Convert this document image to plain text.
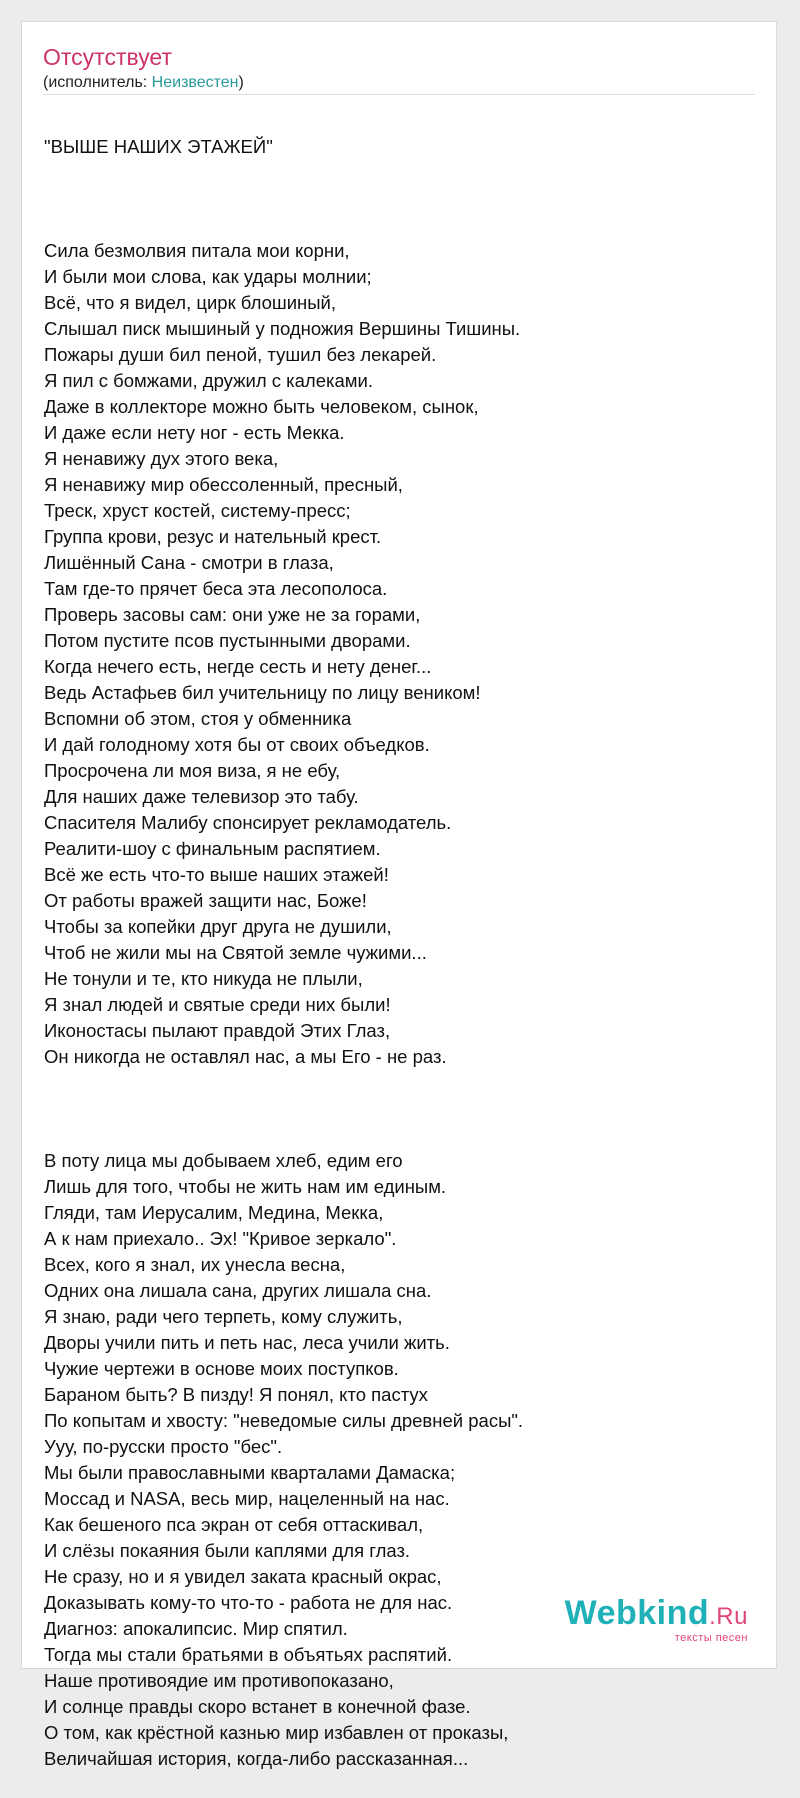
Отсутствует
(исполнитель: Неизвестен)

"ВЫШЕ НАШИХ ЭТАЖЕЙ"

Сила безмолвия питала мои корни,
И были мои слова, как удары молнии;
Всё, что я видел, цирк блошиный,
Слышал писк мышиный у подножия Вершины Тишины.
Пожары души бил пеной, тушил без лекарей.
Я пил с бомжами, дружил с калеками.
Даже в коллекторе можно быть человеком, сынок,
И даже если нету ног - есть Мекка.
Я ненавижу дух этого века,
Я ненавижу мир обессоленный, пресный,
Треск, хруст костей, систему-пресс;
Группа крови, резус и нательный крест.
Лишённый Сана - смотри в глаза,
Там где-то прячет беса эта лесополоса.
Проверь засовы сам: они уже не за горами,
Потом пустите псов пустынными дворами.
Когда нечего есть, негде сесть и нету денег...
Ведь Астафьев бил учительницу по лицу веником!
Вспомни об этом, стоя у обменника
И дай голодному хотя бы от своих объедков.
Просрочена ли моя виза, я не ебу,
Для наших даже телевизор это табу.
Спасителя Малибу спонсирует рекламодатель.
Реалити-шоу с финальным распятием.
Всё же есть что-то выше наших этажей!
От работы вражей защити нас, Боже!
Чтобы за копейки друг друга не душили,
Чтоб не жили мы на Святой земле чужими...
Не тонули и те, кто никуда не плыли,
Я знал людей и святые среди них были!
Иконостасы пылают правдой Этих Глаз,
Он никогда не оставлял нас, а мы Его - не раз.

В поту лица мы добываем хлеб, едим его
Лишь для того, чтобы не жить нам им единым.
Гляди, там Иерусалим, Медина, Мекка,
А к нам приехало.. Эх! "Кривое зеркало".
Всех, кого я знал, их унесла весна,
Одних она лишала сана, других лишала сна.
Я знаю, ради чего терпеть, кому служить,
Дворы учили пить и петь нас, леса учили жить.
Чужие чертежи в основе моих поступков.
Бараном быть? В пизду! Я понял, кто пастух
По копытам и хвосту: "неведомые силы древней расы".
Ууу, по-русски просто "бес".
Мы были православными кварталами Дамаска;
Моссад и NASA, весь мир, нацеленный на нас.
Как бешеного пса экран от себя оттаскивал,
И слёзы покаяния были каплями для глаз.
Не сразу, но и я увидел заката красный окрас,
Доказывать кому-то что-то - работа не для нас.
Диагноз: апокалипсис. Мир спятил.
Тогда мы стали братьями в объятьях распятий.
Наше противоядие им противопоказано,
И солнце правды скоро встанет в конечной фазе.
О том, как крёстной казнью мир избавлен от проказы,
Величайшая история, когда-либо рассказанная...

Webkind.Ru
тексты песен
